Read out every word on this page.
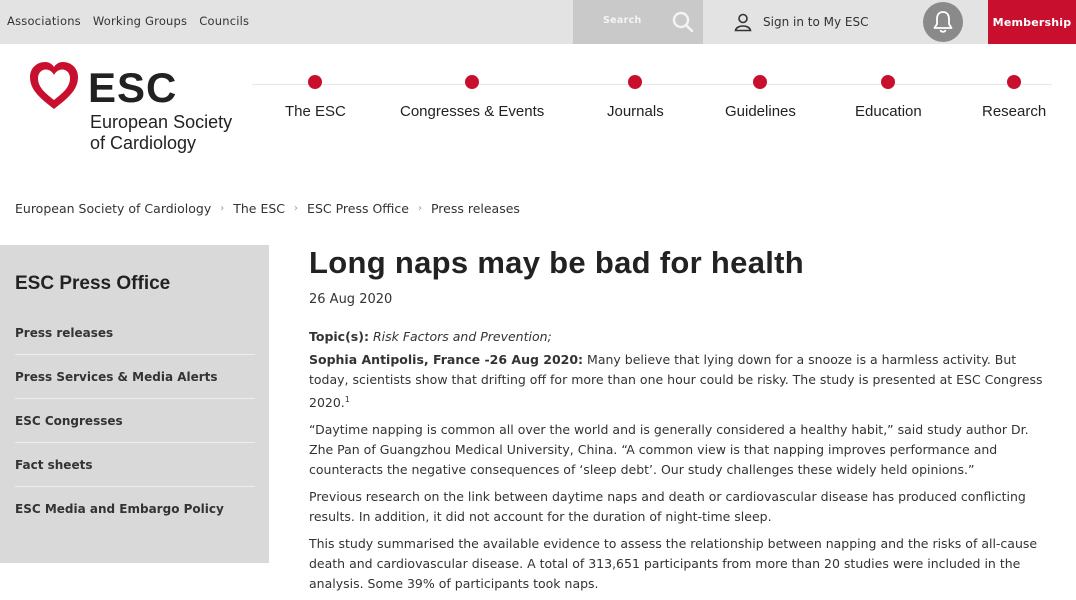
Associations Working Groups Councils	Search	Sign in to My ESC	Membership
ESC
European Society
of Cardiology
The ESC	Congresses & Events	Journals	Guidelines	Education	Research
European Society of Cardiology › The ESC › ESC Press Office › Press releases
ESC Press Office
Press releases
Press Services & Media Alerts
ESC Congresses
Fact sheets
ESC Media and Embargo Policy
Long naps may be bad for health
26 Aug 2020
Topic(s): Risk Factors and Prevention;

Sophia Antipolis, France -26 Aug 2020: Many believe that lying down for a snooze is a harmless activity. But today, scientists show that drifting off for more than one hour could be risky. The study is presented at ESC Congress 2020.$^1$

“Daytime napping is common all over the world and is generally considered a healthy habit,” said study author Dr. Zhe Pan of Guangzhou Medical University, China. “A common view is that napping improves performance and counteracts the negative consequences of ‘sleep debt’. Our study challenges these widely held opinions.”

Previous research on the link between daytime naps and death or cardiovascular disease has produced conflicting results. In addition, it did not account for the duration of night-time sleep.

This study summarised the available evidence to assess the relationship between napping and the risks of all-cause death and cardiovascular disease. A total of 313,651 participants from more than 20 studies were included in the analysis. Some 39% of participants took naps.
